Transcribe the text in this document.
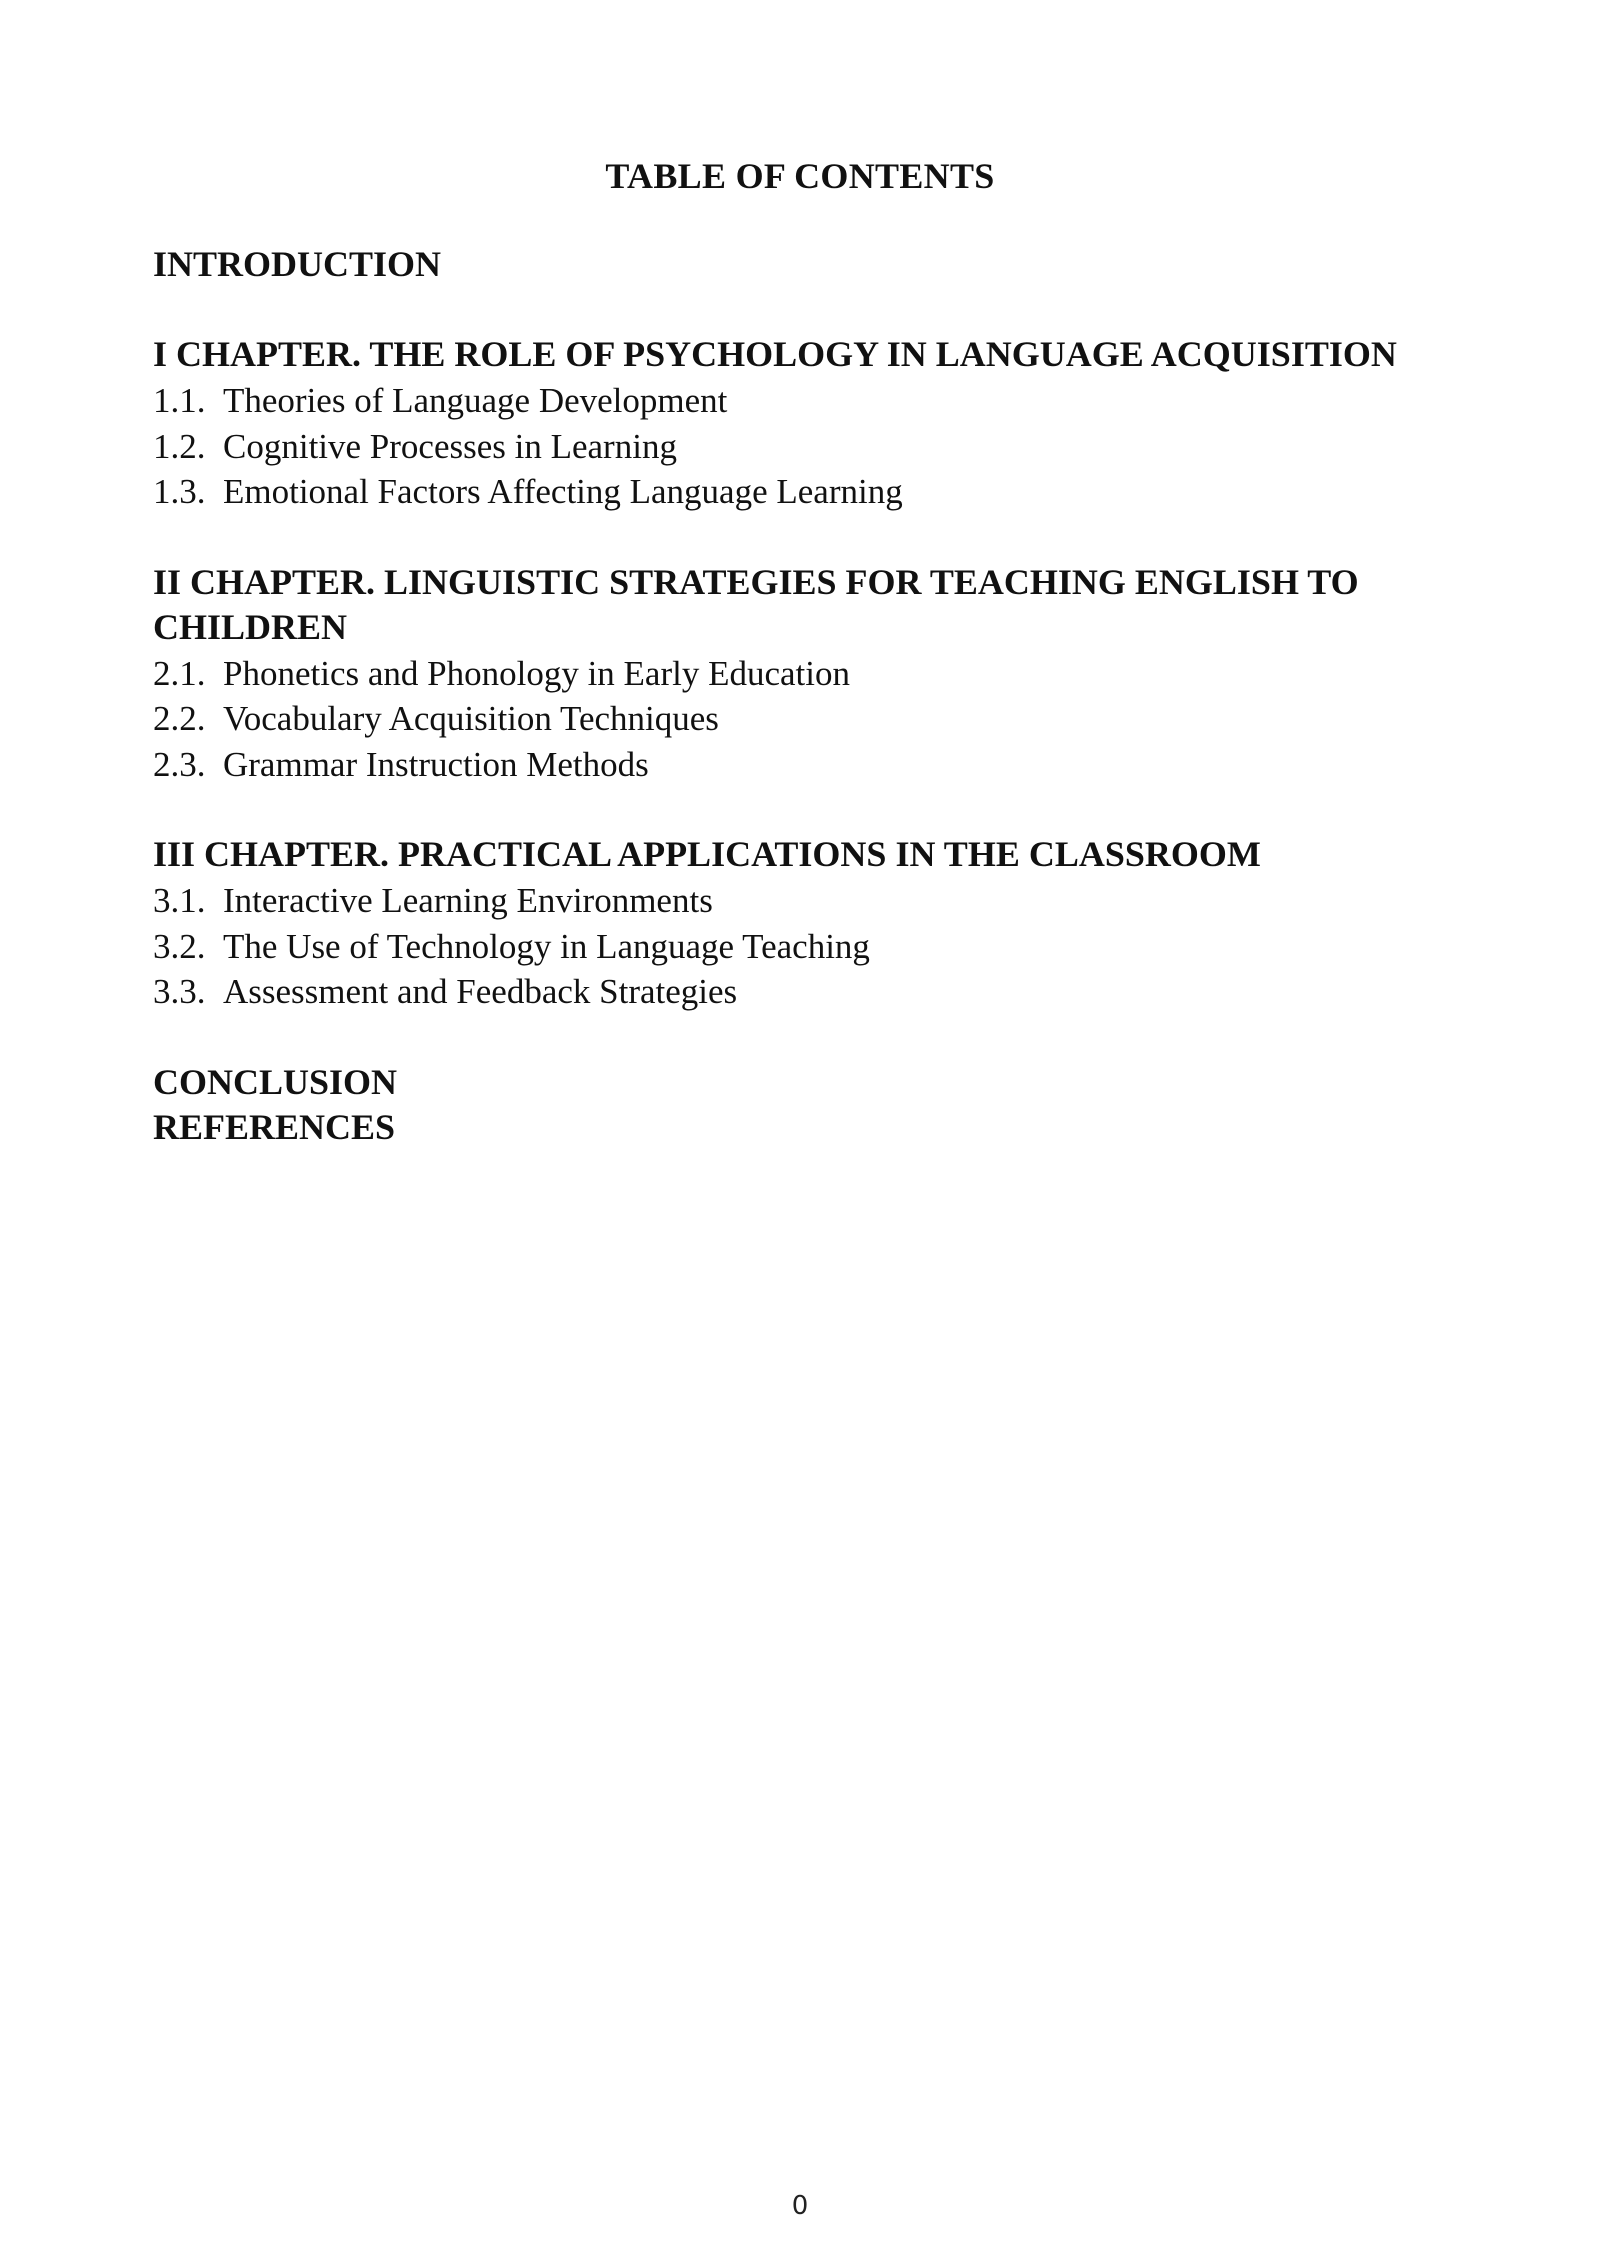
TABLE OF CONTENTS

INTRODUCTION

I CHAPTER. THE ROLE OF PSYCHOLOGY IN LANGUAGE ACQUISITION

1.1. Theories of Language Development

1.2. Cognitive Processes in Learning

1.3. Emotional Factors Affecting Language Learning

II CHAPTER. LINGUISTIC STRATEGIES FOR TEACHING ENGLISH TO CHILDREN

2.1. Phonetics and Phonology in Early Education

2.2. Vocabulary Acquisition Techniques

2.3. Grammar Instruction Methods

III CHAPTER. PRACTICAL APPLICATIONS IN THE CLASSROOM

3.1. Interactive Learning Environments

3.2. The Use of Technology in Language Teaching

3.3. Assessment and Feedback Strategies

CONCLUSION

REFERENCES

0
